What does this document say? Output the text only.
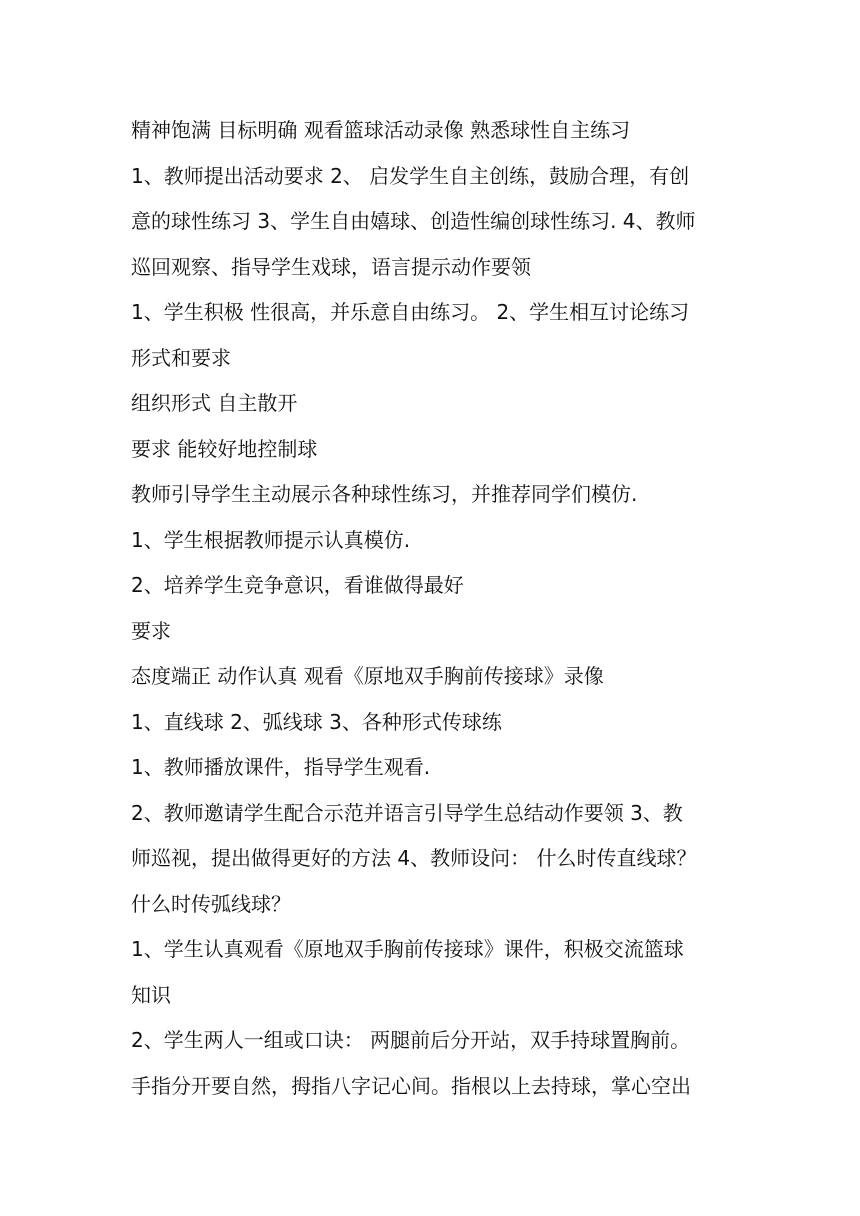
精神饱满 目标明确 观看篮球活动录像 熟悉球性自主练习

1、教师提出活动要求 2、 启发学生自主创练，鼓励合理，有创

意的球性练习 3、学生自由嬉球、创造性编创球性练习. 4、教师

巡回观察、指导学生戏球，语言提示动作要领

1、学生积极 性很高，并乐意自由练习。 2、学生相互讨论练习

形式和要求

组织形式 自主散开

要求 能较好地控制球

教师引导学生主动展示各种球性练习，并推荐同学们模仿.

1、学生根据教师提示认真模仿.

2、培养学生竞争意识，看谁做得最好

要求

态度端正 动作认真 观看《原地双手胸前传接球》录像

1、直线球 2、弧线球 3、各种形式传球练

1、教师播放课件，指导学生观看.

2、教师邀请学生配合示范并语言引导学生总结动作要领 3、教

师巡视，提出做得更好的方法 4、教师设问： 什么时传直线球？

什么时传弧线球？

1、学生认真观看《原地双手胸前传接球》课件，积极交流篮球

知识

2、学生两人一组或口诀： 两腿前后分开站，双手持球置胸前。

手指分开要自然，拇指八字记心间。指根以上去持球，掌心空出
